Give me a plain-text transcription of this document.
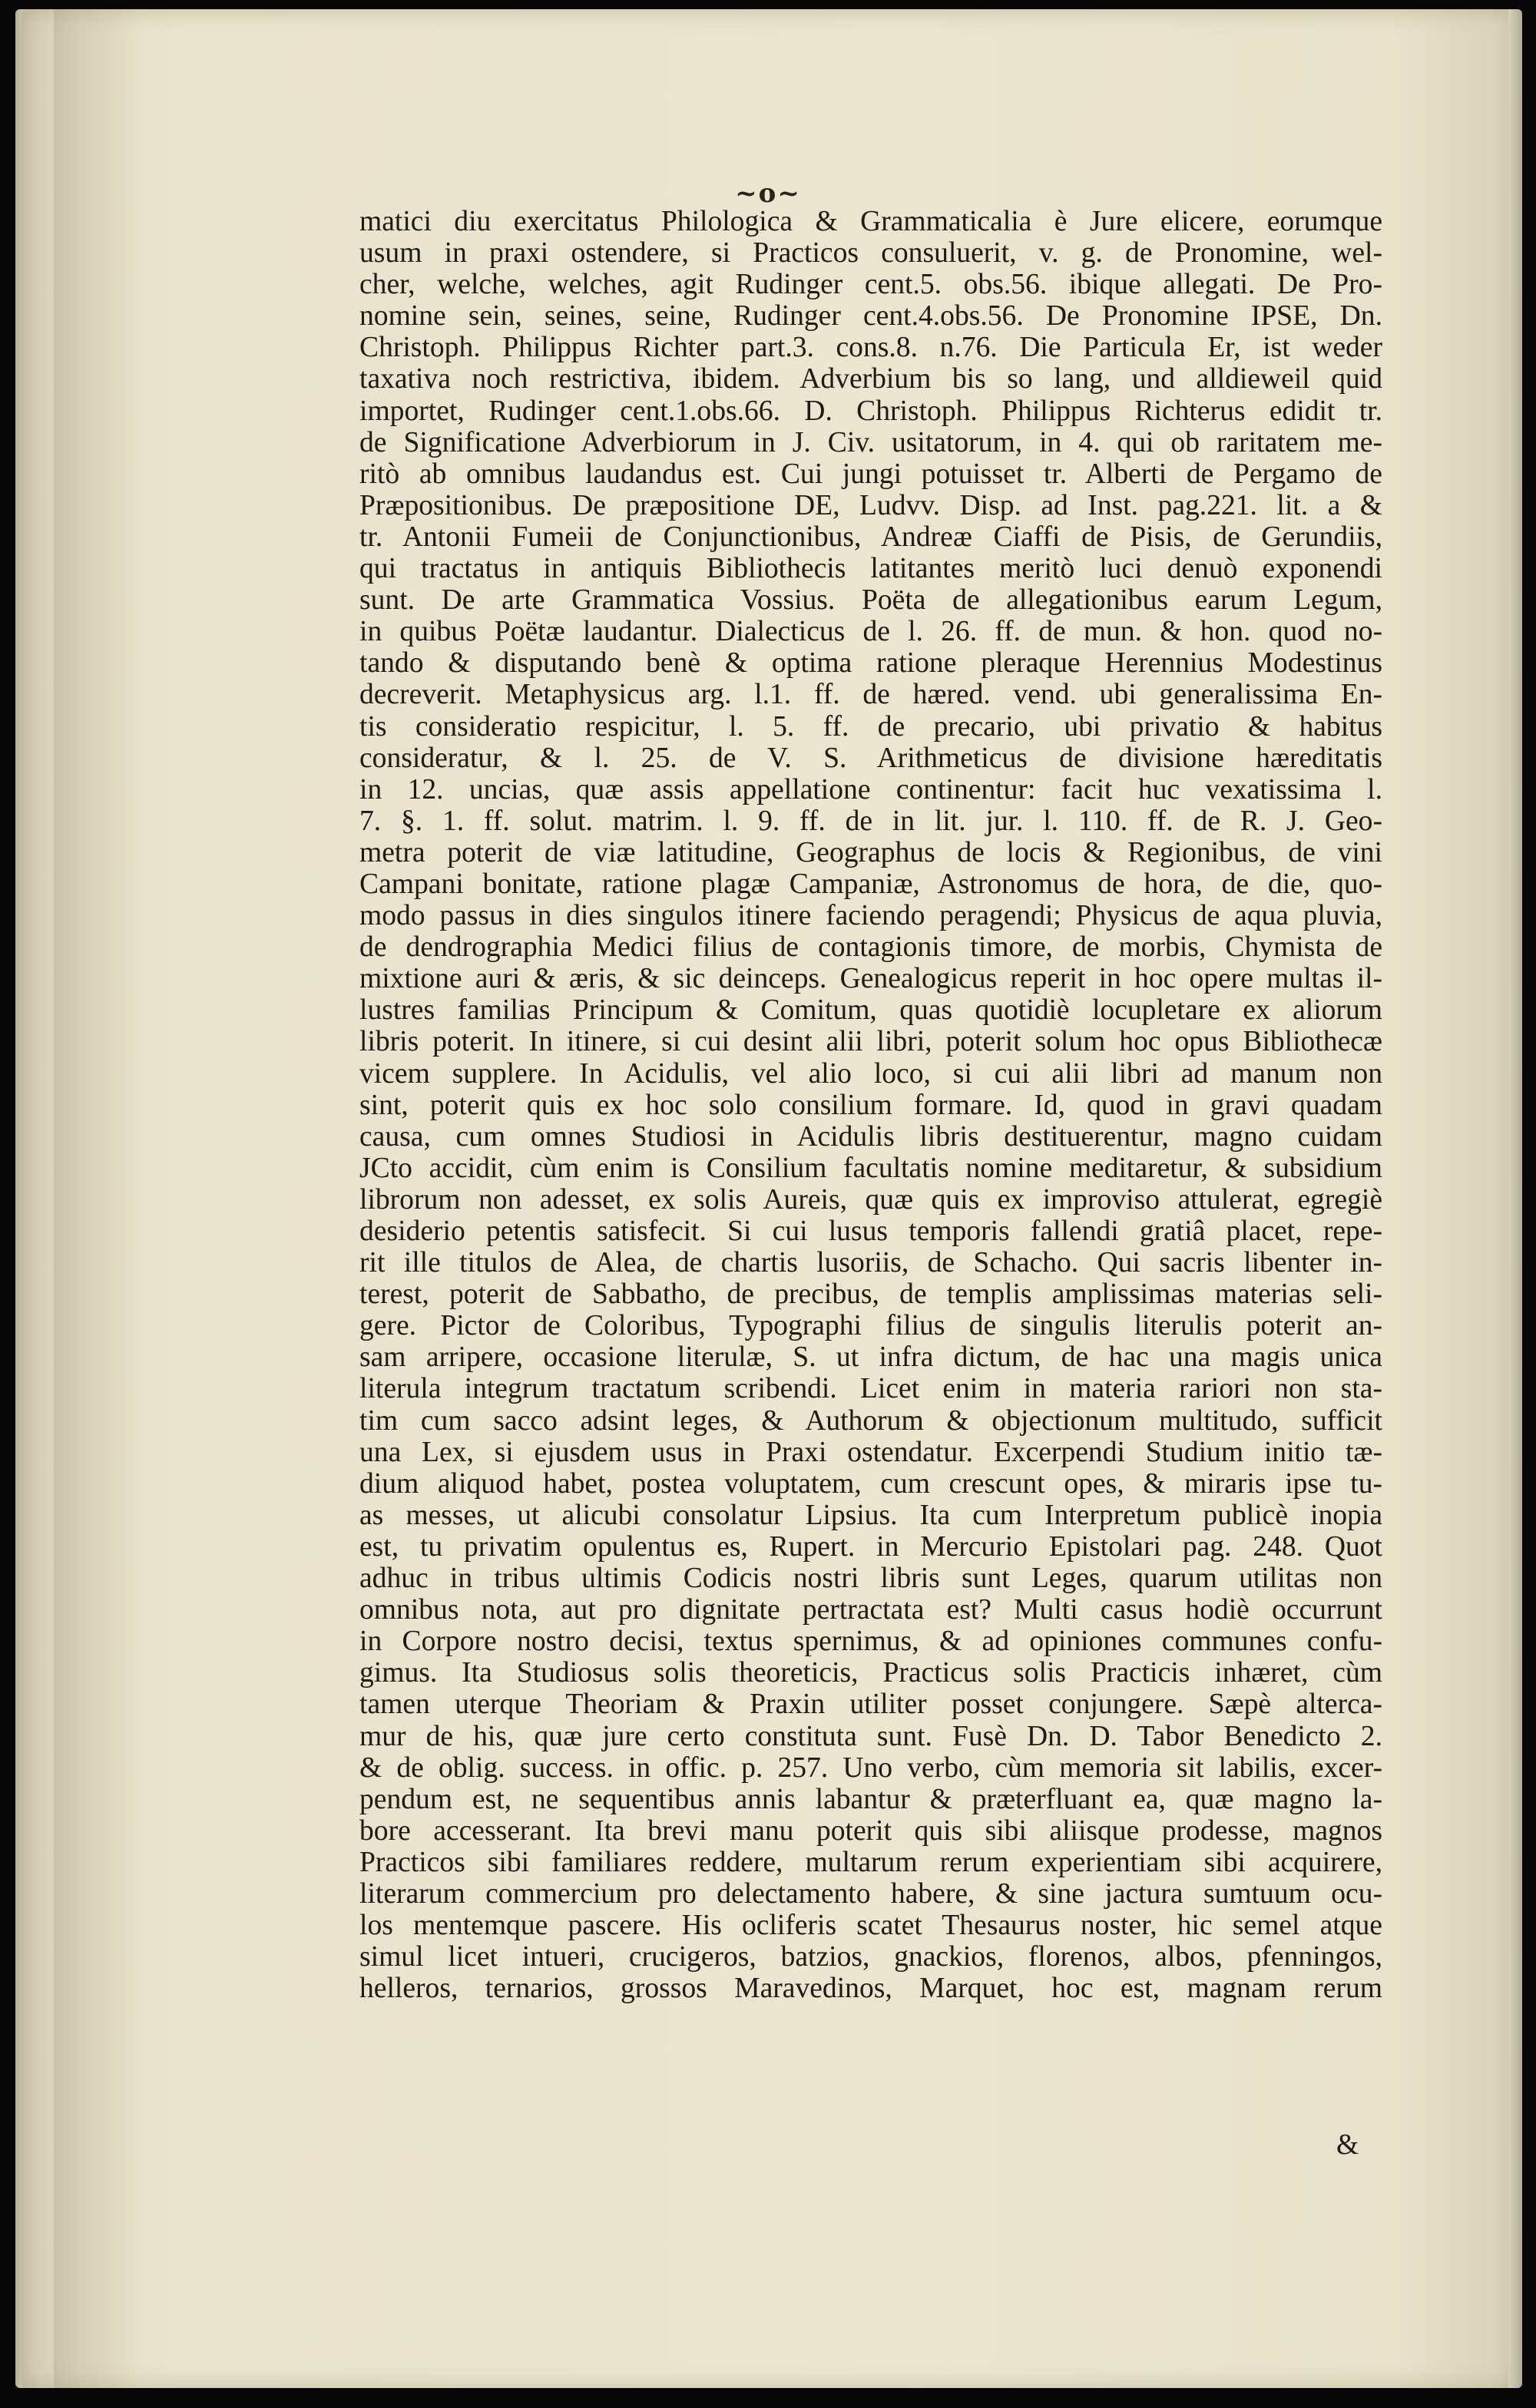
~o~
matici diu exercitatus Philologica & Grammaticalia è Jure elicere, eorumque
usum in praxi ostendere, si Practicos consuluerit, v. g. de Pronomine, wel-
cher, welche, welches, agit Rudinger cent.5. obs.56. ibique allegati. De Pro-
nomine sein, seines, seine, Rudinger cent.4.obs.56. De Pronomine IPSE, Dn.
Christoph. Philippus Richter part.3. cons.8. n.76. Die Particula Er, ist weder
taxativa noch restrictiva, ibidem. Adverbium bis so lang, und alldieweil quid
importet, Rudinger cent.1.obs.66. D. Christoph. Philippus Richterus edidit tr.
de Significatione Adverbiorum in J. Civ. usitatorum, in 4. qui ob raritatem me-
ritò ab omnibus laudandus est. Cui jungi potuisset tr. Alberti de Pergamo de
Præpositionibus. De præpositione DE, Ludvv. Disp. ad Inst. pag.221. lit. a &
tr. Antonii Fumeii de Conjunctionibus, Andreæ Ciaffi de Pisis, de Gerundiis,
qui tractatus in antiquis Bibliothecis latitantes meritò luci denuò exponendi
sunt. De arte Grammatica Vossius. Poëta de allegationibus earum Legum,
in quibus Poëtæ laudantur. Dialecticus de l. 26. ff. de mun. & hon. quod no-
tando & disputando benè & optima ratione pleraque Herennius Modestinus
decreverit. Metaphysicus arg. l.1. ff. de hæred. vend. ubi generalissima En-
tis consideratio respicitur, l. 5. ff. de precario, ubi privatio & habitus
consideratur, & l. 25. de V. S. Arithmeticus de divisione hæreditatis
in 12. uncias, quæ assis appellatione continentur: facit huc vexatissima l.
7. §. 1. ff. solut. matrim. l. 9. ff. de in lit. jur. l. 110. ff. de R. J. Geo-
metra poterit de viæ latitudine, Geographus de locis & Regionibus, de vini
Campani bonitate, ratione plagæ Campaniæ, Astronomus de hora, de die, quo-
modo passus in dies singulos itinere faciendo peragendi; Physicus de aqua pluvia,
de dendrographia Medici filius de contagionis timore, de morbis, Chymista de
mixtione auri & æris, & sic deinceps. Genealogicus reperit in hoc opere multas il-
lustres familias Principum & Comitum, quas quotidiè locupletare ex aliorum
libris poterit. In itinere, si cui desint alii libri, poterit solum hoc opus Bibliothecæ
vicem supplere. In Acidulis, vel alio loco, si cui alii libri ad manum non
sint, poterit quis ex hoc solo consilium formare. Id, quod in gravi quadam
causa, cum omnes Studiosi in Acidulis libris destituerentur, magno cuidam
JCto accidit, cùm enim is Consilium facultatis nomine meditaretur, & subsidium
librorum non adesset, ex solis Aureis, quæ quis ex improviso attulerat, egregiè
desiderio petentis satisfecit. Si cui lusus temporis fallendi gratiâ placet, repe-
rit ille titulos de Alea, de chartis lusoriis, de Schacho. Qui sacris libenter in-
terest, poterit de Sabbatho, de precibus, de templis amplissimas materias seli-
gere. Pictor de Coloribus, Typographi filius de singulis literulis poterit an-
sam arripere, occasione literulæ, S. ut infra dictum, de hac una magis unica
literula integrum tractatum scribendi. Licet enim in materia rariori non sta-
tim cum sacco adsint leges, & Authorum & objectionum multitudo, sufficit
una Lex, si ejusdem usus in Praxi ostendatur. Excerpendi Studium initio tæ-
dium aliquod habet, postea voluptatem, cum crescunt opes, & miraris ipse tu-
as messes, ut alicubi consolatur Lipsius. Ita cum Interpretum publicè inopia
est, tu privatim opulentus es, Rupert. in Mercurio Epistolari pag. 248. Quot
adhuc in tribus ultimis Codicis nostri libris sunt Leges, quarum utilitas non
omnibus nota, aut pro dignitate pertractata est? Multi casus hodiè occurrunt
in Corpore nostro decisi, textus spernimus, & ad opiniones communes confu-
gimus. Ita Studiosus solis theoreticis, Practicus solis Practicis inhæret, cùm
tamen uterque Theoriam & Praxin utiliter posset conjungere. Sæpè alterca-
mur de his, quæ jure certo constituta sunt. Fusè Dn. D. Tabor Benedicto 2.
& de oblig. success. in offic. p. 257. Uno verbo, cùm memoria sit labilis, excer-
pendum est, ne sequentibus annis labantur & præterfluant ea, quæ magno la-
bore accesserant. Ita brevi manu poterit quis sibi aliisque prodesse, magnos
Practicos sibi familiares reddere, multarum rerum experientiam sibi acquirere,
literarum commercium pro delectamento habere, & sine jactura sumtuum ocu-
los mentemque pascere. His ocliferis scatet Thesaurus noster, hic semel atque
simul licet intueri, crucigeros, batzios, gnackios, florenos, albos, pfenningos,
helleros, ternarios, grossos Maravedinos, Marquet, hoc est, magnam rerum
&
